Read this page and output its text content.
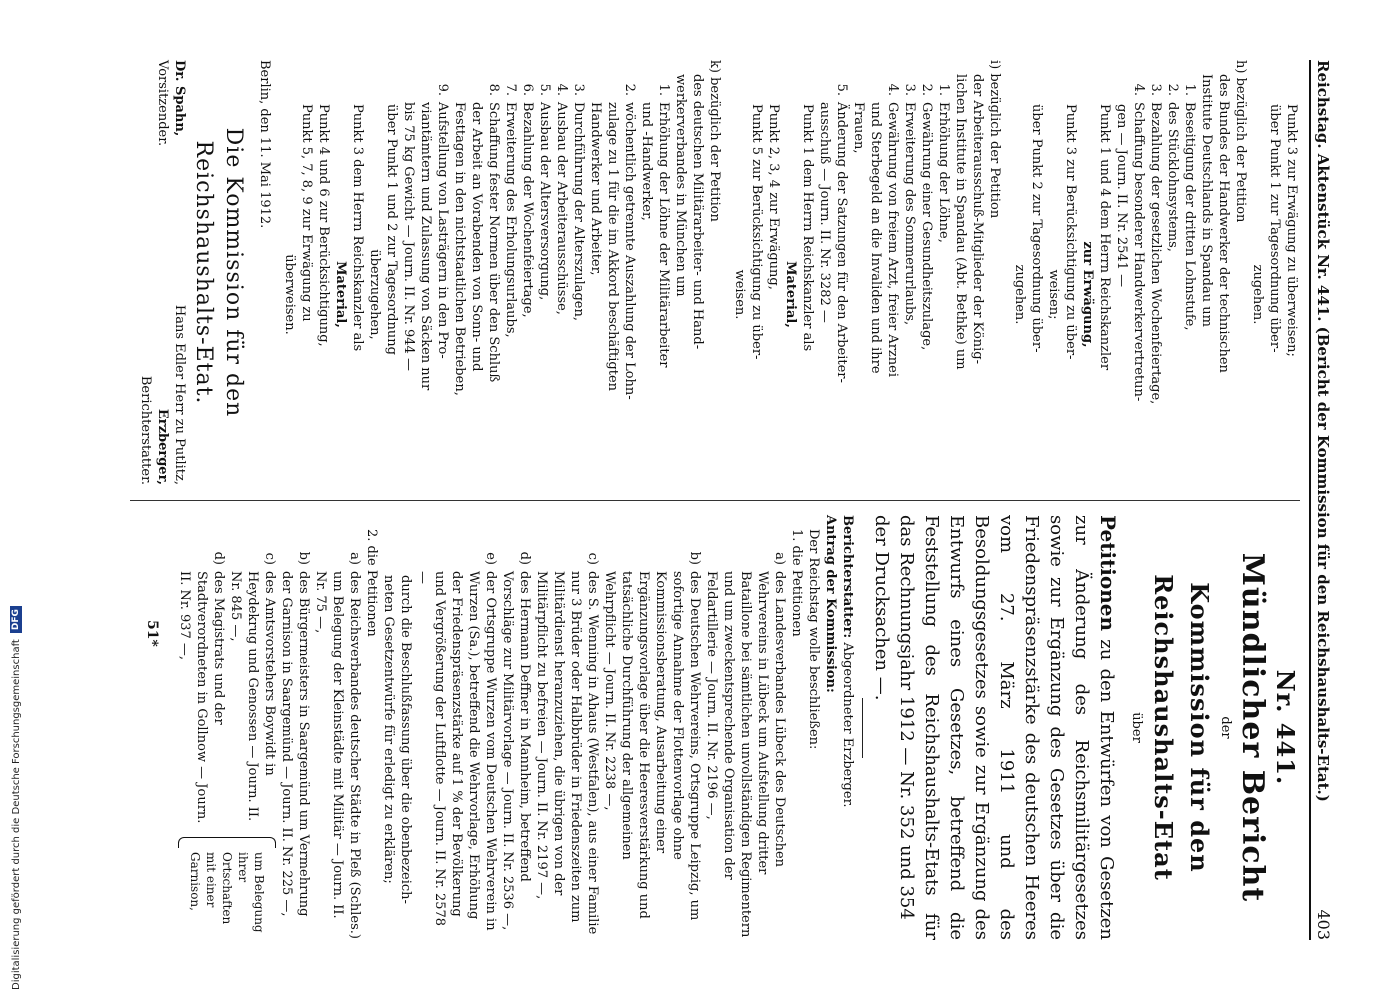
Digitalisierung gefördert durch die Deutsche Forschungsgemeinschaft
DFG	Reichstag. Aktenstück Nr. 441. (Bericht der Kommission für den Reichshaushalts-Etat.)
403

Punkt 3 zur Erwägung zu überweisen;

über Punkt 1 zur Tagesordnung über-

zugehen.

h) bezüglich der Petition

des Bundes der Handwerker der technischen

Institute Deutschlands in Spandau um

1.
Beseitigung der dritten Lohnstufe,
2.
des Stücklohnsystems,
3.
Bezahlung der gesetzlichen Wochenfeiertage,
4.
Schaffung besonderer Handwerkervertretun-

gen — Journ. II. Nr. 2541 —

Punkt 1 und 4 dem Herrn Reichskanzler

zur Erwägung,

Punkt 3 zur Berücksichtigung zu über-

weisen;

über Punkt 2 zur Tagesordnung über-

zugehen.

i) bezüglich der Petition

der Arbeiterausschuß-Mitglieder der König-

lichen Institute in Spandau (Abt. Bethke) um

1.
Erhöhung der Löhne,
2.
Gewährung einer Gesundheitszulage,
3.
Erweiterung des Sommerurlaubs,
4.
Gewährung von freiem Arzt, freier Arznei
und Sterbegeld an die Invaliden und ihre
Frauen,
5.
Änderung der Satzungen für den Arbeiter-
ausschuß — Journ. II. Nr. 3282 —

Punkt 1 dem Herrn Reichskanzler als

Material,

Punkt 2, 3, 4 zur Erwägung,

Punkt 5 zur Berücksichtigung zu über-

weisen.

k) bezüglich der Petition

des deutschen Militärarbeiter- und Hand-

werkerverbandes in München um

1.
Erhöhung der Löhne der Militärarbeiter
und -Handwerker,
2.
wöchentlich getrennte Auszahlung der Lohn-
zulage zu 1 für die im Akkord beschäftigten
Handwerker und Arbeiter,
3.
Durchführung der Alterszulagen,
4.
Ausbau der Arbeiterausschüsse,
5.
Ausbau der Altersversorgung,
6.
Bezahlung der Wochenfeiertage,
7.
Erweiterung des Erholungsurlaubs,
8.
Schaffung fester Normen über den Schluß
der Arbeit an Vorabenden von Sonn- und
Festtagen in den nichtstaatlichen Betrieben,
9.
Aufstellung von Lasträgern in den Pro-
viantämtern und Zulassung von Säcken nur
bis 75 kg Gewicht — Journ. II. Nr. 944 —

über Punkt 1 und 2 zur Tagesordnung

überzugehen,

Punkt 3 dem Herrn Reichskanzler als

Material,

Punkt 4 und 6 zur Berücksichtigung,

Punkt 5, 7, 8, 9 zur Erwägung zu

überweisen.

Berlin, den 11. Mai 1912.

Die Kommission für den Reichshaushalts-Etat.

Dr. Spahn,

Vorsitzender.

Hans Edler Herr zu Putlitz,

Erzberger,

Berichterstatter.

Nr. 441.

Mündlicher Bericht

der

Kommission für den Reichshaushalts-Etat

über

Petitionen zu den Entwürfen von Gesetzen zur Änderung des Reichsmilitärgesetzes sowie zur Ergänzung des Gesetzes über die Friedenspräsenzstärke des deutschen Heeres vom 27. März 1911 und des Besoldungsgesetzes sowie zur Ergänzung des Entwurfs eines Gesetzes, betreffend die Feststellung des Reichshaushalts-Etats für das Rechnungsjahr 1912 — Nr. 352 und 354

der Drucksachen —.

Berichterstatter: Abgeordneter Erzberger.

Antrag der Kommission:

Der Reichstag wolle beschließen:

1. die Petitionen

a)
des Landesverbandes Lübeck des Deutschen Wehrvereins in Lübeck um Aufstellung dritter Bataillone bei sämtlichen unvollständigen Regimentern und um zweckentsprechende Organisation der Feldartillerie — Journ. II. Nr. 2196 —,
b)
des Deutschen Wehrvereins, Ortsgruppe Leipzig, um sofortige Annahme der Flottenvorlage ohne Kommissionsberatung, Ausarbeitung einer Ergänzungsvorlage über die Heeresverstärkung und tatsächliche Durchführung der allgemeinen Wehrpflicht — Journ. II. Nr. 2238 —,
c)
des S. Wenning in Ahaus (Westfalen), aus einer Familie nur 3 Brüder oder Halbbrüder in Friedenszeiten zum Militärdienst heranzuziehen, die übrigen von der Militärpflicht zu befreien — Journ. II. Nr. 2197 —,
d)
des Hermann Deffner in Mannheim, betreffend Vorschläge zur Militärvorlage — Journ. II. Nr. 2536 —,
e)
der Ortsgruppe Wurzen vom Deutschen Wehrverein in Wurzen (Sa.), betreffend die Wehrvorlage, Erhöhung der Friedenspräsenzstärke auf 1 % der Bevölkerung und Vergrößerung der Luftflotte — Journ. II. Nr. 2578 —

durch die Beschlußfassung über die obenbezeich-

neten Gesetzentwürfe für erledigt zu erklären;

2. die Petitionen

a)
des Reichsverbandes deutscher Städte in Pleß (Schles.) um Belegung der Kleinstädte mit Militär — Journ. II. Nr. 75 —,
b)
des Bürgermeisters in Saargemünd um Vermehrung der Garnison in Saargemünd — Journ. II. Nr. 225 —,
c)
des Amtsvorstehers Boywidt in Heydekrug und Genossen — Journ. II. Nr. 845 —,
d)
des Magistrats und der Stadtverordneten in Gollnow — Journ. II. Nr. 937 —,
um Belegung ihrer Ortschaften mit einer Garnison,
51*
